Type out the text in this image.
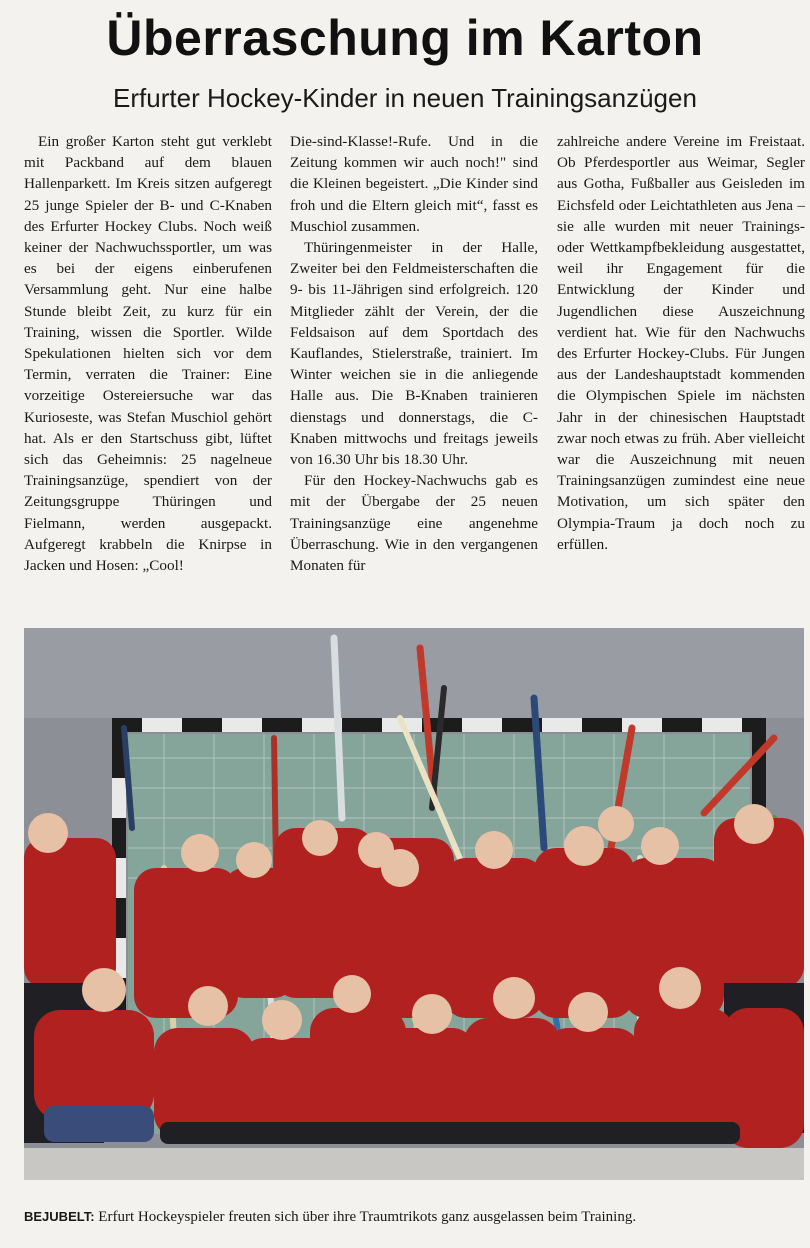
Überraschung im Karton
Erfurter Hockey-Kinder in neuen Trainingsanzügen

Ein großer Karton steht gut verklebt mit Packband auf dem blauen Hallenparkett. Im Kreis sitzen aufgeregt 25 junge Spieler der B- und C-Knaben des Erfurter Hockey Clubs. Noch weiß keiner der Nachwuchssportler, um was es bei der eigens einberufenen Versammlung geht. Nur eine halbe Stunde bleibt Zeit, zu kurz für ein Training, wissen die Sportler. Wilde Spekulationen hielten sich vor dem Termin, verraten die Trainer: Eine vorzeitige Ostereiersuche war das Kurioseste, was Stefan Muschiol gehört hat. Als er den Startschuss gibt, lüftet sich das Geheimnis: 25 nagelneue Trainingsanzüge, spendiert von der Zeitungsgruppe Thüringen und Fielmann, werden ausgepackt. Aufgeregt krabbeln die Knirpse in Jacken und Hosen: „Cool!

Die-sind-Klasse!-Rufe. Und in die Zeitung kommen wir auch noch!" sind die Kleinen begeistert. „Die Kinder sind froh und die Eltern gleich mit“, fasst es Muschiol zusammen.

Thüringenmeister in der Halle, Zweiter bei den Feldmeisterschaften die 9- bis 11-Jährigen sind erfolgreich. 120 Mitglieder zählt der Verein, der die Feldsaison auf dem Sportdach des Kauflandes, Stielerstraße, trainiert. Im Winter weichen sie in die anliegende Halle aus. Die B-Knaben trainieren dienstags und donnerstags, die C-Knaben mittwochs und freitags jeweils von 16.30 Uhr bis 18.30 Uhr.

Für den Hockey-Nachwuchs gab es mit der Übergabe der 25 neuen Trainingsanzüge eine angenehme Überraschung. Wie in den vergangenen Monaten für

zahlreiche andere Vereine im Freistaat. Ob Pferdesportler aus Weimar, Segler aus Gotha, Fußballer aus Geisleden im Eichsfeld oder Leichtathleten aus Jena – sie alle wurden mit neuer Trainings- oder Wettkampfbekleidung ausgestattet, weil ihr Engagement für die Entwicklung der Kinder und Jugendlichen diese Auszeichnung verdient hat. Wie für den Nachwuchs des Erfurter Hockey-Clubs. Für Jungen aus der Landeshauptstadt kommenden die Olympischen Spiele im nächsten Jahr in der chinesischen Hauptstadt zwar noch etwas zu früh. Aber vielleicht war die Auszeichnung mit neuen Trainingsanzügen zumindest eine neue Motivation, um sich später den Olympia-Traum ja doch noch zu erfüllen.

BEJUBELT: Erfurt Hockeyspieler freuten sich über ihre Traumtrikots ganz ausgelassen beim Training.
